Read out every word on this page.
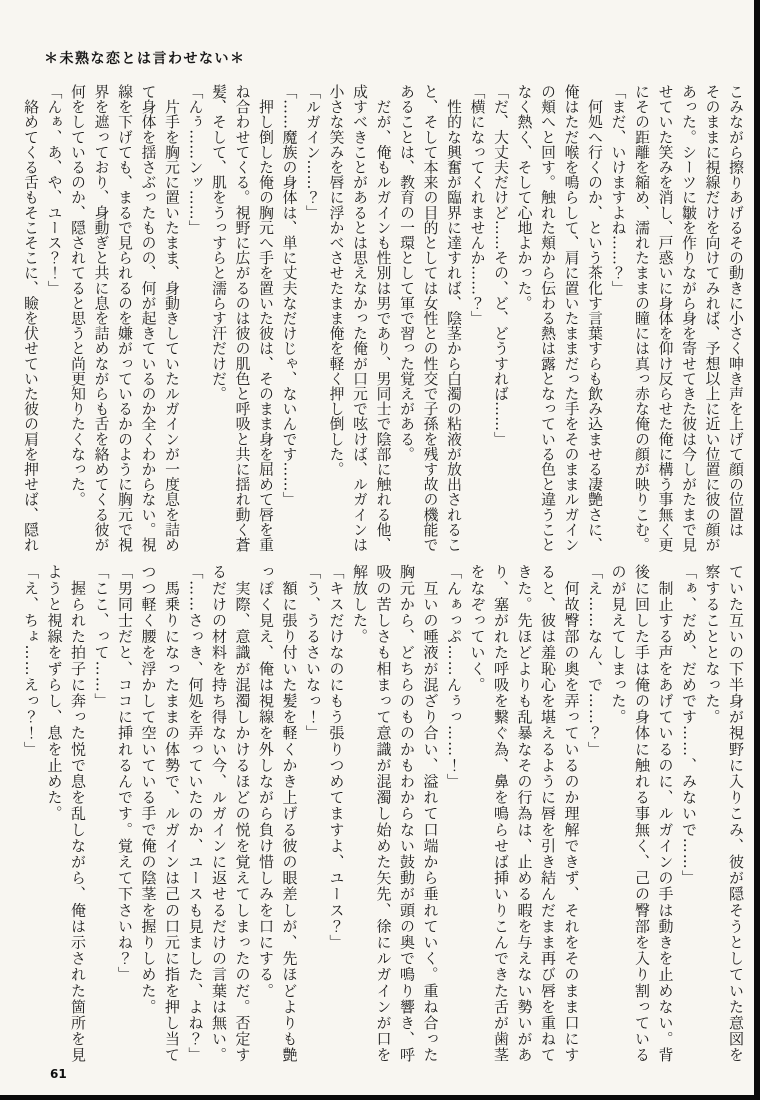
＊未熟な恋とは言わせない＊
こみながら擦りあげるその動きに小さく呻き声を上げて顔の位置は
そのままに視線だけを向けてみれば、予想以上に近い位置に彼の顔が
あった。シーツに皺を作りながら身を寄せてきた彼は今しがたまで見
せていた笑みを消し、戸惑いに身体を仰け反らせた俺に構う事無く更
にその距離を縮め、濡れたままの瞳には真っ赤な俺の顔が映りこむ。
「まだ、いけますよね……？」
　何処へ行くのか、という茶化す言葉すらも飲み込ませる凄艶さに、
俺はただ喉を鳴らして、肩に置いたままだった手をそのままルガイン
の頬へと回す。触れた頬から伝わる熱は露となっている色と違うこと
なく熱く、そして心地よかった。
「だ、大丈夫だけど……その、ど、どうすれば……」
「横になってくれませんか……？」
　性的な興奮が臨界に達すれば、陰茎から白濁の粘液が放出されるこ
と、そして本来の目的としては女性との性交で子孫を残す故の機能で
あることは、教育の一環として軍で習った覚えがある。
　だが、俺もルガインも性別は男であり、男同士で陰部に触れる他、
成すべきことがあるとは思えなかった俺が口元で呟けば、ルガインは
小さな笑みを唇に浮かべさせたまま俺を軽く押し倒した。
「ルガイン……？」
「……魔族の身体は、単に丈夫なだけじゃ、ないんです……」
　押し倒した俺の胸元へ手を置いた彼は、そのまま身を屈めて唇を重
ね合わせてくる。視野に広がるのは彼の肌色と呼吸と共に揺れ動く蒼
髪、そして、肌をうっすらと濡らす汗だけだ。
「んぅ……ンッ……」
　片手を胸元に置いたまま、身動きしていたルガインが一度息を詰め
て身体を揺さぶったものの、何が起きているのか全くわからない。視
線を下げても、まるで見られるのを嫌がっているかのように胸元で視
界を遮っており、身動ぎと共に息を詰めながらも舌を絡めてくる彼が
何をしているのか、隠されてると思うと尚更知りたくなった。
「んぁ、あ、や、ユース？！」
　絡めてくる舌もそこそこに、瞼を伏せていた彼の肩を押せば、隠れ
ていた互いの下半身が視野に入りこみ、彼が隠そうとしていた意図を
察することとなった。
「ぁ、だめ、だめです……、みないで……」
　制止する声をあげているのに、ルガインの手は動きを止めない。背
後に回した手は俺の身体に触れる事無く、己の臀部を入り割っている
のが見えてしまった。
「え……なん、で……？」
　何故臀部の奥を弄っているのか理解できず、それをそのまま口にす
ると、彼は羞恥心を堪えるように唇を引き結んだまま再び唇を重ねて
きた。先ほどよりも乱暴なその行為は、止める暇を与えない勢いがあ
り、塞がれた呼吸を繋ぐ為、鼻を鳴らせば挿いりこんできた舌が歯茎
をなぞっていく。
「んぁっぷ……んぅっ……！」
　互いの唾液が混ざり合い、溢れて口端から垂れていく。重ね合った
胸元から、どちらのものかもわからない鼓動が頭の奥で鳴り響き、呼
吸の苦しさも相まって意識が混濁し始めた矢先、徐にルガインが口を
解放した。
「キスだけなのにもう張りつめてますよ、ユース？」
「う、うるさいなっ！」
　額に張り付いた髪を軽くかき上げる彼の眼差しが、先ほどよりも艶
っぽく見え、俺は視線を外しながら負け惜しみを口にする。
　実際、意識が混濁しかけるほどの悦を覚えてしまったのだ。否定す
るだけの材料を持ち得ない今、ルガインに返せるだけの言葉は無い。
「……さっき、何処を弄っていたのか、ユースも見ました、よね？」
　馬乗りになったままの体勢で、ルガインは己の口元に指を押し当て
つつ軽く腰を浮かして空いている手で俺の陰茎を握りしめた。
「男同士だと、ココに挿れるんです。覚えて下さいね？」
「ここ、って……」
　握られた拍子に奔った悦で息を乱しながら、俺は示された箇所を見
ようと視線をずらし、息を止めた。
「え、ちょ……えっ？！」
61
